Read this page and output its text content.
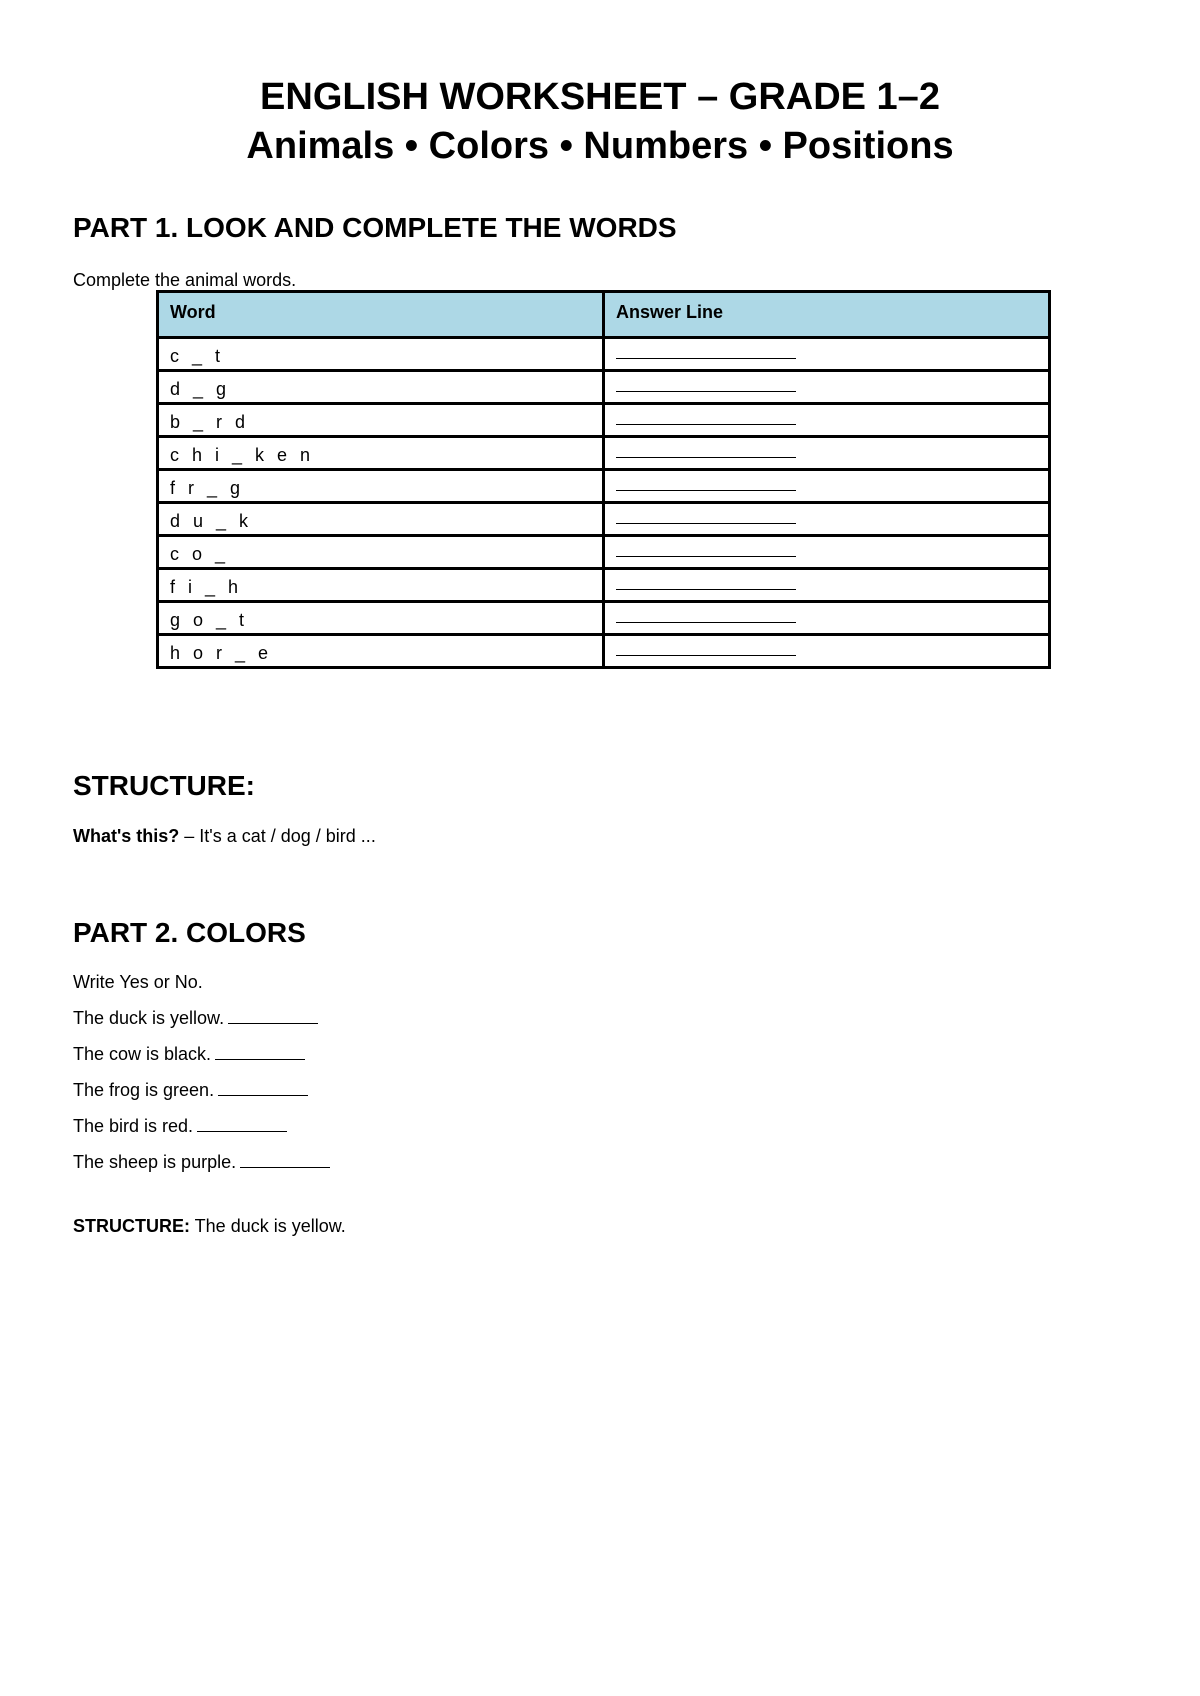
ENGLISH WORKSHEET – GRADE 1–2
Animals • Colors • Numbers • Positions
PART 1. LOOK AND COMPLETE THE WORDS

Complete the animal words.

Word	Answer Line
c _ t	
d _ g	
b _ r d	
c h i _ k e n	
f r _ g	
d u _ k	
c o _	
f i _ h	
g o _ t	
h o r _ e	
STRUCTURE:

What's this? – It's a cat / dog / bird ...

PART 2. COLORS

Write Yes or No.

The duck is yellow.

The cow is black.

The frog is green.

The bird is red.

The sheep is purple.

STRUCTURE: The duck is yellow.
